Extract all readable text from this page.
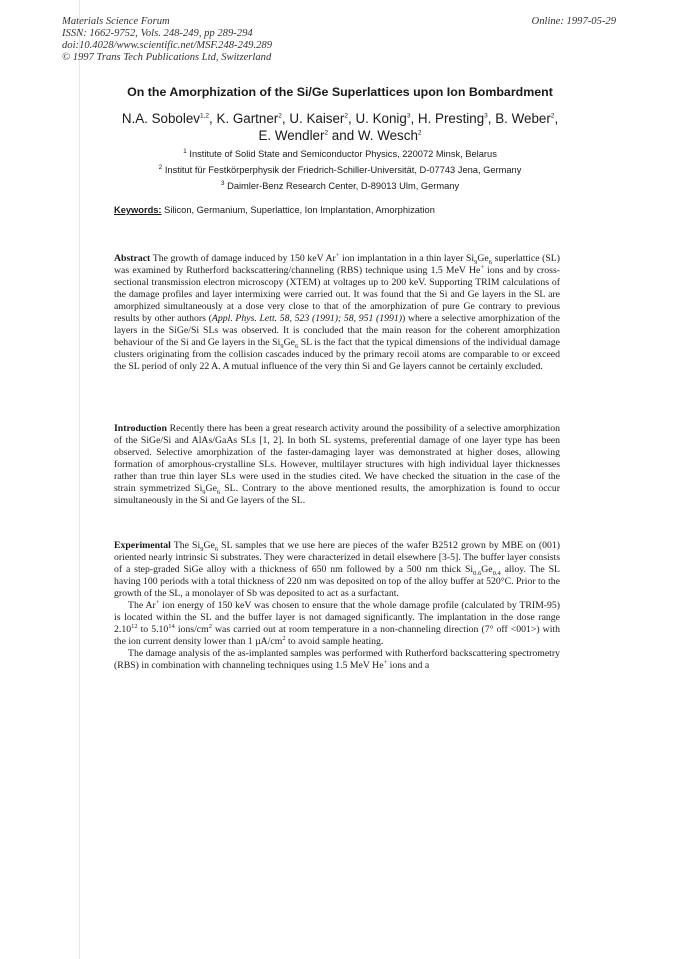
Materials Science Forum
ISSN: 1662-9752, Vols. 248-249, pp 289-294
doi:10.4028/www.scientific.net/MSF.248-249.289
© 1997 Trans Tech Publications Ltd, Switzerland
Online: 1997-05-29
On the Amorphization of the Si/Ge Superlattices upon Ion Bombardment
N.A. Sobolev$^{1,2}$, K. Gartner$^2$, U. Kaiser$^2$, U. Konig$^3$, H. Presting$^3$, B. Weber$^2$,
E. Wendler$^2$ and W. Wesch$^2$
$^1$ Institute of Solid State and Semiconductor Physics, 220072 Minsk, Belarus
$^2$ Institut für Festkörperphysik der Friedrich-Schiller-Universität, D-07743 Jena, Germany
$^3$ Daimler-Benz Research Center, D-89013 Ulm, Germany
Keywords: Silicon, Germanium, Superlattice, Ion Implantation, Amorphization

Abstract The growth of damage induced by 150 keV Ar+ ion implantation in a thin layer $Si_9Ge_6$ superlattice (SL) was examined by Rutherford backscattering/channeling (RBS) technique using 1.5 MeV He+ ions and by cross-sectional transmission electron microscopy (XTEM) at voltages up to 200 keV. Supporting TRIM calculations of the damage profiles and layer intermixing were carried out. It was found that the Si and Ge layers in the SL are amorphized simultaneously at a dose very close to that of the amorphization of pure Ge contrary to previous results by other authors (Appl. Phys. Lett. 58, 523 (1991); 58, 951 (1991)) where a selective amorphization of the layers in the SiGe/Si SLs was observed. It is concluded that the main reason for the coherent amorphization behaviour of the Si and Ge layers in the $Si_9Ge_6$ SL is the fact that the typical dimensions of the individual damage clusters originating from the collision cascades induced by the primary recoil atoms are comparable to or exceed the SL period of only 22 A. A mutual influence of the very thin Si and Ge layers cannot be certainly excluded.

Introduction Recently there has been a great research activity around the possibility of a selective amorphization of the SiGe/Si and AlAs/GaAs SLs [1, 2]. In both SL systems, preferential damage of one layer type has been observed. Selective amorphization of the faster-damaging layer was demonstrated at higher doses, allowing formation of amorphous-crystalline SLs. However, multilayer structures with high individual layer thicknesses rather than true thin layer SLs were used in the studies cited. We have checked the situation in the case of the strain symmetrized $Si_9Ge_6$ SL. Contrary to the above mentioned results, the amorphization is found to occur simultaneously in the Si and Ge layers of the SL.

Experimental The $Si_9Ge_6$ SL samples that we use here are pieces of the wafer B2512 grown by MBE on (001) oriented nearly intrinsic Si substrates. They were characterized in detail elsewhere [3-5]. The buffer layer consists of a step-graded SiGe alloy with a thickness of 650 nm followed by a 500 nm thick $Si_{0.6}Ge_{0.4}$ alloy. The SL having 100 periods with a total thickness of 220 nm was deposited on top of the alloy buffer at 520°C. Prior to the growth of the SL, a monolayer of Sb was deposited to act as a surfactant.

The Ar+ ion energy of 150 keV was chosen to ensure that the whole damage profile (calculated by TRIM-95) is located within the SL and the buffer layer is not damaged significantly. The implantation in the dose range 2.10$^{12}$ to 5.10$^{14}$ ions/$cm^2$ was carried out at room temperature in a non-channeling direction (7° off <001>) with the ion current density lower than 1 $\mu A/cm^2$ to avoid sample heating.

The damage analysis of the as-implanted samples was performed with Rutherford backscattering spectrometry (RBS) in combination with channeling techniques using 1.5 MeV He+ ions and a
